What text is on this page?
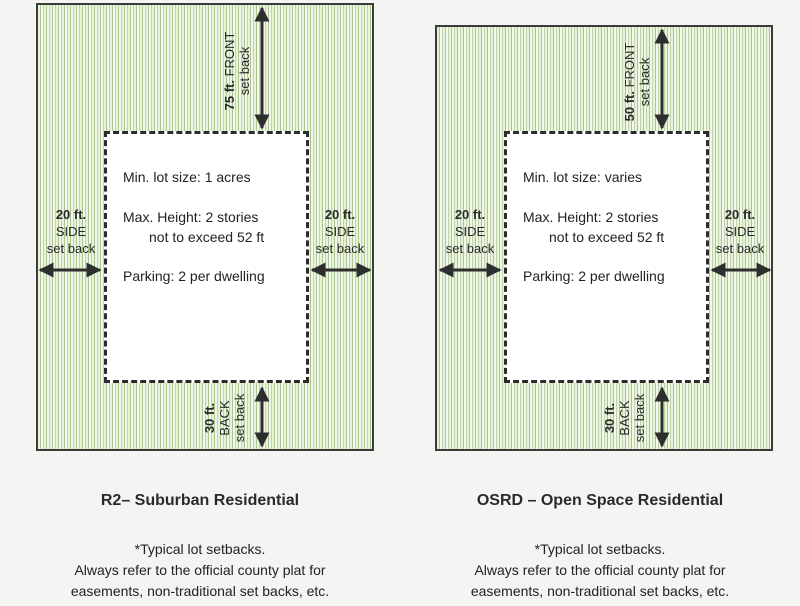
Min. lot size: 1 acres
Max. Height: 2 stories
not to exceed 52 ft
Parking: 2 per dwelling
75 ft. FRONT
set back
20 ft.
SIDE
set back
20 ft.
SIDE
set back
30 ft.
BACK
set back
R2– Suburban Residential
*Typical lot setbacks.
Always refer to the official county plat for
easements, non-traditional set backs, etc.
Min. lot size: varies
Max. Height: 2 stories
not to exceed 52 ft
Parking: 2 per dwelling
50 ft. FRONT
set back
20 ft.
SIDE
set back
20 ft.
SIDE
set back
30 ft.
BACK
set back
OSRD – Open Space Residential
*Typical lot setbacks.
Always refer to the official county plat for
easements, non-traditional set backs, etc.
